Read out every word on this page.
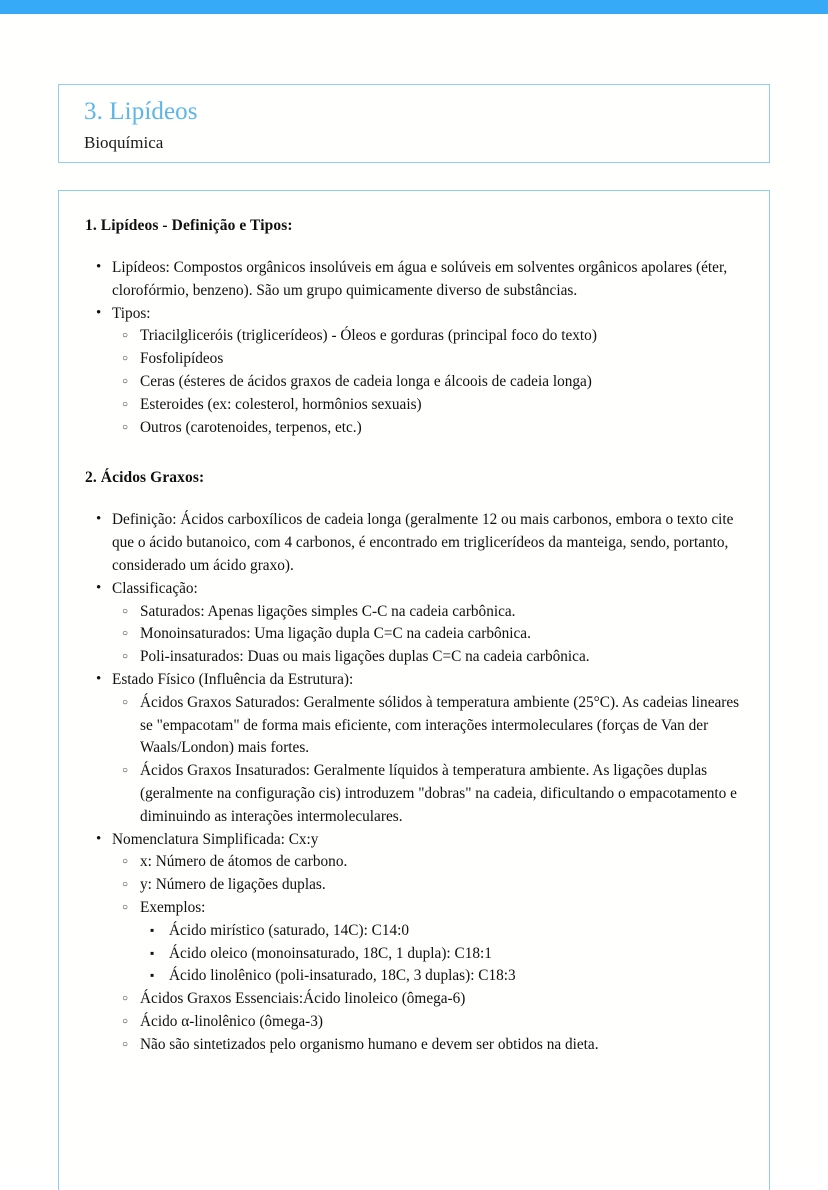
3. Lipídeos
Bioquímica
1. Lipídeos - Definição e Tipos:
• Lipídeos: Compostos orgânicos insolúveis em água e solúveis em solventes orgânicos apolares (éter, clorofórmio, benzeno). São um grupo quimicamente diverso de substâncias.
• Tipos:
○ Triacilgliceróis (triglicerídeos) - Óleos e gorduras (principal foco do texto)
○ Fosfolipídeos
○ Ceras (ésteres de ácidos graxos de cadeia longa e álcoois de cadeia longa)
○ Esteroides (ex: colesterol, hormônios sexuais)
○ Outros (carotenoides, terpenos, etc.)
2. Ácidos Graxos:
• Definição: Ácidos carboxílicos de cadeia longa (geralmente 12 ou mais carbonos, embora o texto cite que o ácido butanoico, com 4 carbonos, é encontrado em triglicerídeos da manteiga, sendo, portanto, considerado um ácido graxo).
• Classificação:
○ Saturados: Apenas ligações simples C-C na cadeia carbônica.
○ Monoinsaturados: Uma ligação dupla C=C na cadeia carbônica.
○ Poli-insaturados: Duas ou mais ligações duplas C=C na cadeia carbônica.
• Estado Físico (Influência da Estrutura):
○ Ácidos Graxos Saturados: Geralmente sólidos à temperatura ambiente (25°C). As cadeias lineares se "empacotam" de forma mais eficiente, com interações intermoleculares (forças de Van der Waals/London) mais fortes.
○ Ácidos Graxos Insaturados: Geralmente líquidos à temperatura ambiente. As ligações duplas (geralmente na configuração cis) introduzem "dobras" na cadeia, dificultando o empacotamento e diminuindo as interações intermoleculares.
• Nomenclatura Simplificada: Cx:y
○ x: Número de átomos de carbono.
○ y: Número de ligações duplas.
○ Exemplos:
▪ Ácido mirístico (saturado, 14C): C14:0
▪ Ácido oleico (monoinsaturado, 18C, 1 dupla): C18:1
▪ Ácido linolênico (poli-insaturado, 18C, 3 duplas): C18:3
○ Ácidos Graxos Essenciais:Ácido linoleico (ômega-6)
○ Ácido α-linolênico (ômega-3)
○ Não são sintetizados pelo organismo humano e devem ser obtidos na dieta.
